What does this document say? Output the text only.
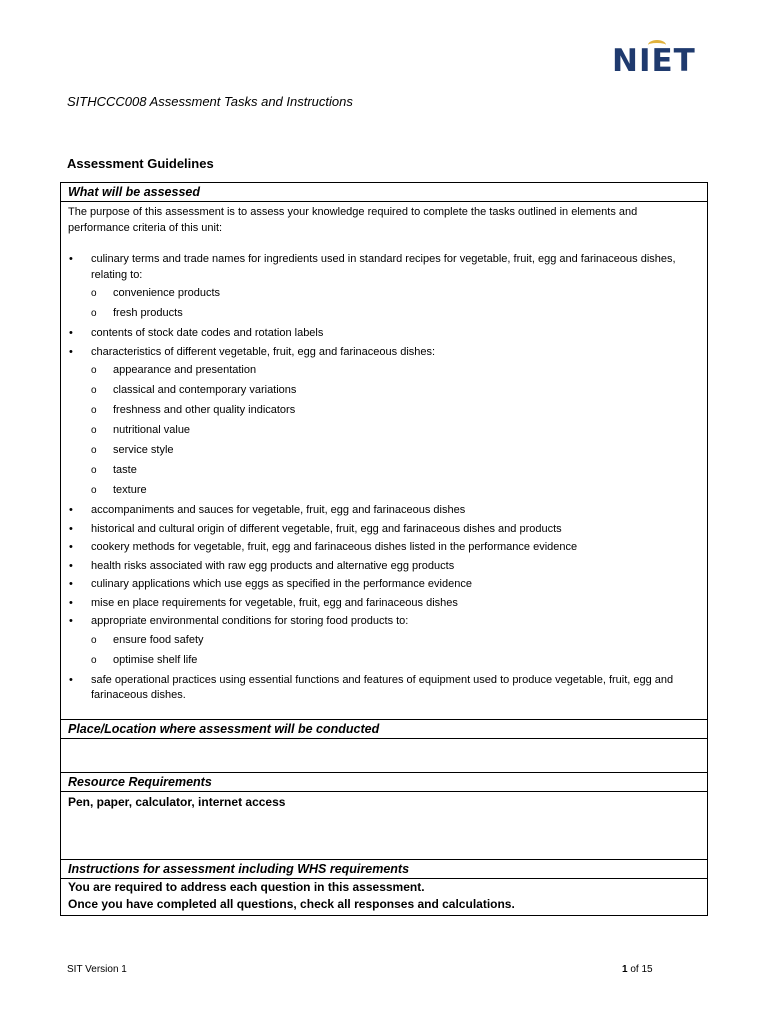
NIET
SITHCCC008 Assessment Tasks and Instructions
Assessment Guidelines
What will be assessed

The purpose of this assessment is to assess your knowledge required to complete the tasks outlined in elements and performance criteria of this unit:
• culinary terms and trade names for ingredients used in standard recipes for vegetable, fruit, egg and farinaceous dishes, relating to:
o convenience products
o fresh products
• contents of stock date codes and rotation labels
• characteristics of different vegetable, fruit, egg and farinaceous dishes:
o appearance and presentation
o classical and contemporary variations
o freshness and other quality indicators
o nutritional value
o service style
o taste
o texture
• accompaniments and sauces for vegetable, fruit, egg and farinaceous dishes
• historical and cultural origin of different vegetable, fruit, egg and farinaceous dishes and products
• cookery methods for vegetable, fruit, egg and farinaceous dishes listed in the performance evidence
• health risks associated with raw egg products and alternative egg products
• culinary applications which use eggs as specified in the performance evidence
• mise en place requirements for vegetable, fruit, egg and farinaceous dishes
• appropriate environmental conditions for storing food products to:
o ensure food safety
o optimise shelf life
• safe operational practices using essential functions and features of equipment used to produce vegetable, fruit, egg and farinaceous dishes.

Place/Location where assessment will be conducted

Resource Requirements
Pen, paper, calculator, internet access
Instructions for assessment including WHS requirements

You are required to address each question in this assessment.
Once you have completed all questions, check all responses and calculations.
SIT Version 1	1 of 15
